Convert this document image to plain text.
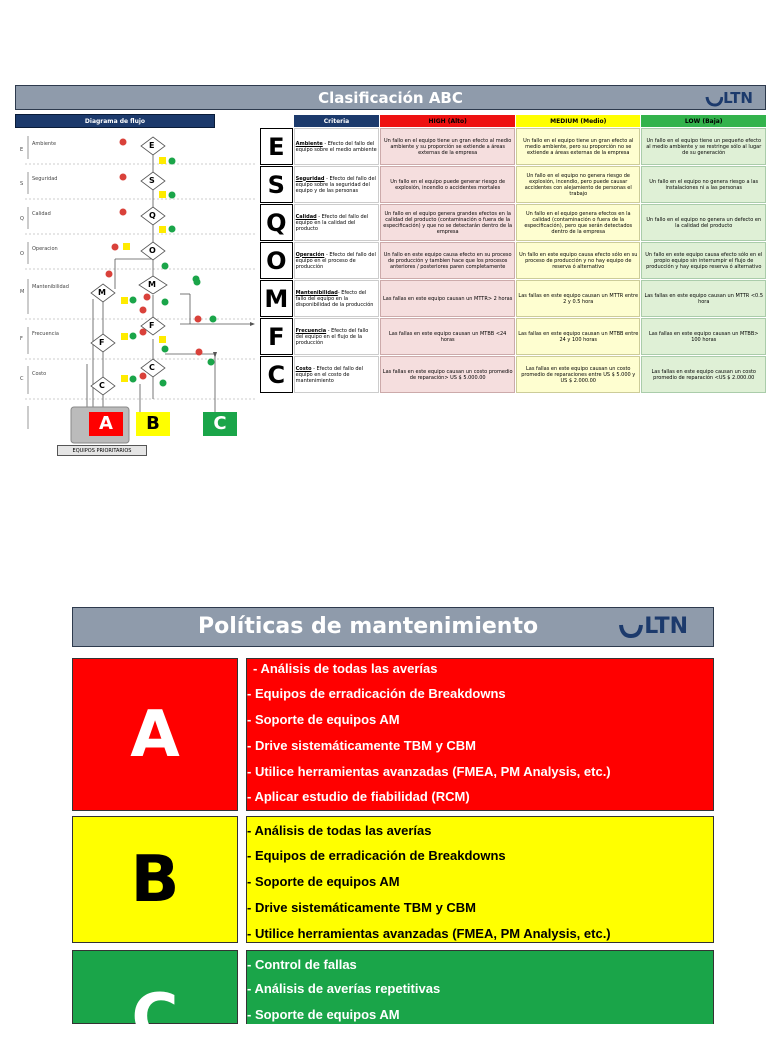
Clasificación ABC	LTN
Diagrama de flujo
E
Ambiente
S
Seguridad
Q
Calidad
O
Operacion
M
Mantenibilidad
F
Frecuencia
C
Costo
E
S
Q
O
M
M
F
F
C
C
A	B	C
EQUIPOS PRIORITARIOS
	Criteria	HIGH (Alto)	MEDIUM (Medio)	LOW (Baja)
E	Ambiente - Efecto del fallo del equipo sobre el medio ambiente	Un fallo en el equipo tiene un gran efecto al medio ambiente y su proporción se extiende a áreas externas de la empresa	Un fallo en el equipo tiene un gran efecto al medio ambiente, pero su proporción no se extiende a áreas externas de la empresa	Un fallo en el equipo tiene un pequeño efecto al medio ambiente y se restringe sólo al lugar de su generación
S	Seguridad - Efecto del fallo del equipo sobre la seguridad del equipo y de las personas	Un fallo en el equipo puede generar riesgo de explosión, incendio o accidentes mortales	Un fallo en el equipo no genera riesgo de explosión, incendio, pero puede causar accidentes con alejamiento de personas el trabajo	Un fallo en el equipo no genera riesgo a las instalaciones ni a las personas
Q	Calidad - Efecto del fallo del equipo en la calidad del producto	Un fallo en el equipo genera grandes efectos en la calidad del producto (contaminación o fuera de la especificación) y que no se detectarán dentro de la empresa	Un fallo en el equipo genera efectos en la calidad (contaminación o fuera de la especificación), pero que serán detectados dentro de la empresa	Un fallo en el equipo no genera un defecto en la calidad del producto
O	Operación - Efecto del fallo del equipo en el proceso de producción	Un fallo en este equipo causa efecto en su proceso de producción y tambien hace que los procesos anteriores / posteriores paren completamente	Un fallo en este equipo causa efecto sólo en su proceso de producción y no hay equipo de reserva ó alternativo	Un fallo en este equipo causa efecto sólo en el propio equipo sin interrumpir el flujo de producción y hay equipo reserva ó alternativo
M	Mantenibilidad- Efecto del fallo del equipo en la disponibilidad de la producción	Las fallas en este equipo causan un MTTR> 2 horas	Las fallas en este equipo causan un MTTR entre 2 y 0.5 hora	Las fallas en este equipo causan un MTTR <0.5 hora
F	Frecuencia - Efecto del fallo del equipo en el flujo de la producción	Las fallas en este equipo causan un MTBB <24 horas	Las fallas en este equipo causan un MTBB entre 24 y 100 horas	Las fallas en este equipo causan un MTBB> 100 horas
C	Costo - Efecto del fallo del equipo en el costo de mantenimiento	Las fallas en este equipo causan un costo promedio de reparación> US $ 5.000.00	Las fallas en este equipo causan un costo promedio de reparaciones entre US $ 5.000 y US $ 2.000.00	Las fallas en este equipo causan un costo promedio de reparación <US $ 2.000.00
Políticas de mantenimiento	LTN
A
- Análisis de todas las averías
- Equipos de erradicación de Breakdowns
- Soporte de equipos AM
- Drive sistemáticamente TBM y CBM
- Utilice herramientas avanzadas (FMEA, PM Analysis, etc.)
- Aplicar estudio de fiabilidad (RCM)
B
- Análisis de todas las averías
- Equipos de erradicación de Breakdowns
- Soporte de equipos AM
- Drive sistemáticamente TBM y CBM
- Utilice herramientas avanzadas (FMEA, PM Analysis, etc.)
C
- Control de fallas
- Análisis de averías repetitivas
- Soporte de equipos AM
